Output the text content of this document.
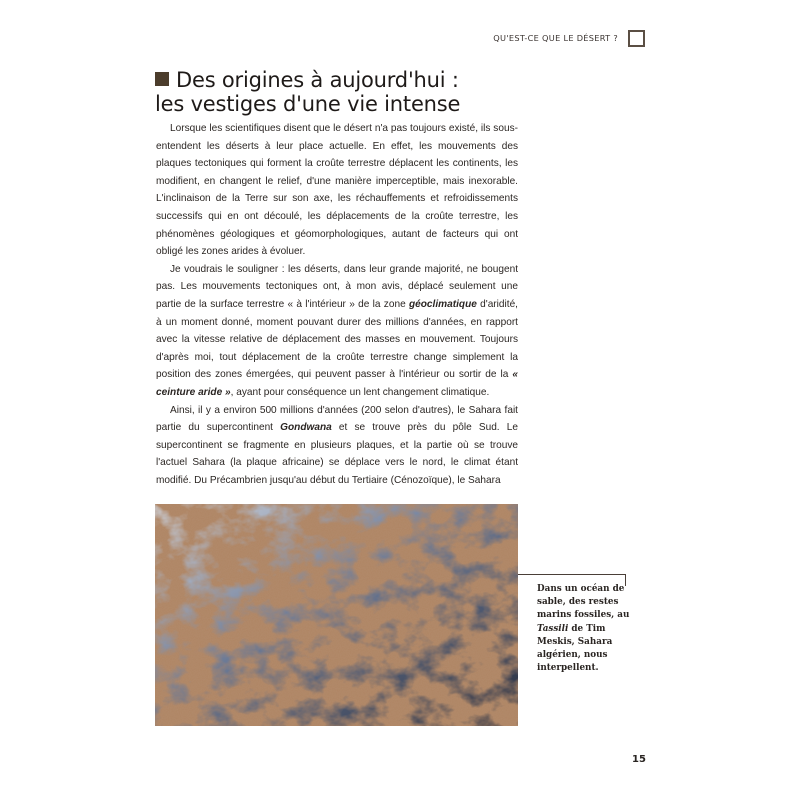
QU'EST-CE QUE LE DÉSERT ?
Des origines à aujourd'hui :
les vestiges d'une vie intense

Lorsque les scientifiques disent que le désert n'a pas toujours existé, ils sous-entendent les déserts à leur place actuelle. En effet, les mouvements des plaques tectoniques qui forment la croûte terrestre déplacent les continents, les modifient, en changent le relief, d'une manière imperceptible, mais inexorable. L'inclinaison de la Terre sur son axe, les réchauffements et refroidissements successifs qui en ont découlé, les déplacements de la croûte terrestre, les phénomènes géologiques et géomorphologiques, autant de facteurs qui ont obligé les zones arides à évoluer.

Je voudrais le souligner : les déserts, dans leur grande majorité, ne bougent pas. Les mouvements tectoniques ont, à mon avis, déplacé seulement une partie de la surface terrestre « à l'intérieur » de la zone géoclimatique d'aridité, à un moment donné, moment pouvant durer des millions d'années, en rapport avec la vitesse relative de déplacement des masses en mouvement. Toujours d'après moi, tout déplacement de la croûte terrestre change simplement la position des zones émergées, qui peuvent passer à l'intérieur ou sortir de la « ceinture aride », ayant pour conséquence un lent changement climatique.

Ainsi, il y a environ 500 millions d'années (200 selon d'autres), le Sahara fait partie du supercontinent Gondwana et se trouve près du pôle Sud. Le supercontinent se fragmente en plusieurs plaques, et la partie où se trouve l'actuel Sahara (la plaque africaine) se déplace vers le nord, le climat étant modifié. Du Précambrien jusqu'au début du Tertiaire (Cénozoïque), le Sahara

Dans un océan de sable, des restes marins fossiles, au Tassili de Tim Meskis, Sahara algérien, nous interpellent.
15
